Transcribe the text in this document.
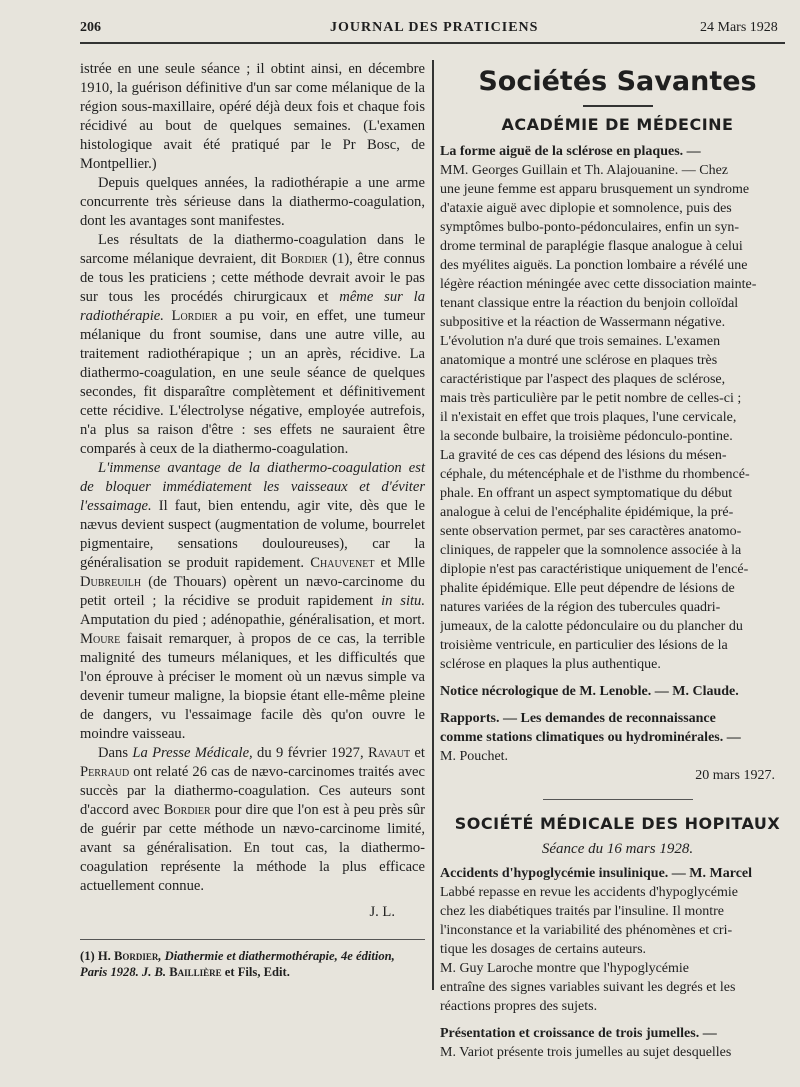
206	JOURNAL DES PRATICIENS	24 Mars 1928

istrée en une seule séance ; il obtint ainsi, en décembre 1910, la guérison définitive d'un sar come mélanique de la région sous-maxillaire, opéré déjà deux fois et chaque fois récidivé au bout de quelques semaines. (L'examen histologique avait été pratiqué par le Pr Bosc, de Montpellier.)

Depuis quelques années, la radiothérapie a une arme concurrente très sérieuse dans la diathermo-coagulation, dont les avantages sont manifestes.

Les résultats de la diathermo-coagulation dans le sarcome mélanique devraient, dit Bordier (1), être connus de tous les praticiens ; cette méthode devrait avoir le pas sur tous les procédés chirurgicaux et même sur la radiothérapie. Lordier a pu voir, en effet, une tumeur mélanique du front soumise, dans une autre ville, au traitement radiothérapique ; un an après, récidive. La diathermo-coagulation, en une seule séance de quelques secondes, fit disparaître complètement et définitivement cette récidive. L'électrolyse négative, employée autrefois, n'a plus sa raison d'être : ses effets ne sauraient être comparés à ceux de la diathermo-coagulation.

L'immense avantage de la diathermo-coagulation est de bloquer immédiatement les vaisseaux et d'éviter l'essaimage. Il faut, bien entendu, agir vite, dès que le nævus devient suspect (augmentation de volume, bourrelet pigmentaire, sensations douloureuses), car la généralisation se produit rapidement. Chauvenet et Mlle Dubreuilh (de Thouars) opèrent un nævo-carcinome du petit orteil ; la récidive se produit rapidement in situ. Amputation du pied ; adénopathie, généralisation, et mort. Moure faisait remarquer, à propos de ce cas, la terrible malignité des tumeurs mélaniques, et les difficultés que l'on éprouve à préciser le moment où un nævus simple va devenir tumeur maligne, la biopsie étant elle-même pleine de dangers, vu l'essaimage facile dès qu'on ouvre le moindre vaisseau.

Dans La Presse Médicale, du 9 février 1927, Ravaut et Perraud ont relaté 26 cas de nævo-carcinomes traités avec succès par la diathermo-coagulation. Ces auteurs sont d'accord avec Bordier pour dire que l'on est à peu près sûr de guérir par cette méthode un nævo-carcinome limité, avant sa généralisation. En tout cas, la diathermo-coagulation représente la méthode la plus efficace actuellement connue.

J. L.
(1) H. Bordier, Diathermie et diathermothérapie, 4e édition, Paris 1928. J. B. Baillière et Fils, Edit.
Sociétés Savantes
ACADÉMIE DE MÉDECINE
La forme aiguë de la sclérose en plaques. —
MM. Georges Guillain et Th. Alajouanine. — Chez
une jeune femme est apparu brusquement un syndrome
d'ataxie aiguë avec diplopie et somnolence, puis des
symptômes bulbo-ponto-pédonculaires, enfin un syn-
drome terminal de paraplégie flasque analogue à celui
des myélites aiguës. La ponction lombaire a révélé une
légère réaction méningée avec cette dissociation mainte-
tenant classique entre la réaction du benjoin colloïdal
subpositive et la réaction de Wassermann négative.
L'évolution n'a duré que trois semaines. L'examen
anatomique a montré une sclérose en plaques très
caractéristique par l'aspect des plaques de sclérose,
mais très particulière par le petit nombre de celles-ci ;
il n'existait en effet que trois plaques, l'une cervicale,
la seconde bulbaire, la troisième pédonculo-pontine.
La gravité de ces cas dépend des lésions du mésen-
céphale, du métencéphale et de l'isthme du rhombencé-
phale. En offrant un aspect symptomatique du début
analogue à celui de l'encéphalite épidémique, la pré-
sente observation permet, par ses caractères anatomo-
cliniques, de rappeler que la somnolence associée à la
diplopie n'est pas caractéristique uniquement de l'encé-
phalite épidémique. Elle peut dépendre de lésions de
natures variées de la région des tubercules quadri-
jumeaux, de la calotte pédonculaire ou du plancher du
troisième ventricule, en particulier des lésions de la
sclérose en plaques la plus authentique.
Notice nécrologique de M. Lenoble. — M. Claude.
Rapports. — Les demandes de reconnaissance
comme stations climatiques ou hydrominérales. —
M. Pouchet.
20 mars 1927.
SOCIÉTÉ MÉDICALE DES HOPITAUX
Séance du 16 mars 1928.
Accidents d'hypoglycémie insulinique. — M. Marcel
Labbé repasse en revue les accidents d'hypoglycémie
chez les diabétiques traités par l'insuline. Il montre
l'inconstance et la variabilité des phénomènes et cri-
tique les dosages de certains auteurs.
M. Guy Laroche montre que l'hypoglycémie
entraîne des signes variables suivant les degrés et les
réactions propres des sujets.
Présentation et croissance de trois jumelles. —
M. Variot présente trois jumelles au sujet desquelles
